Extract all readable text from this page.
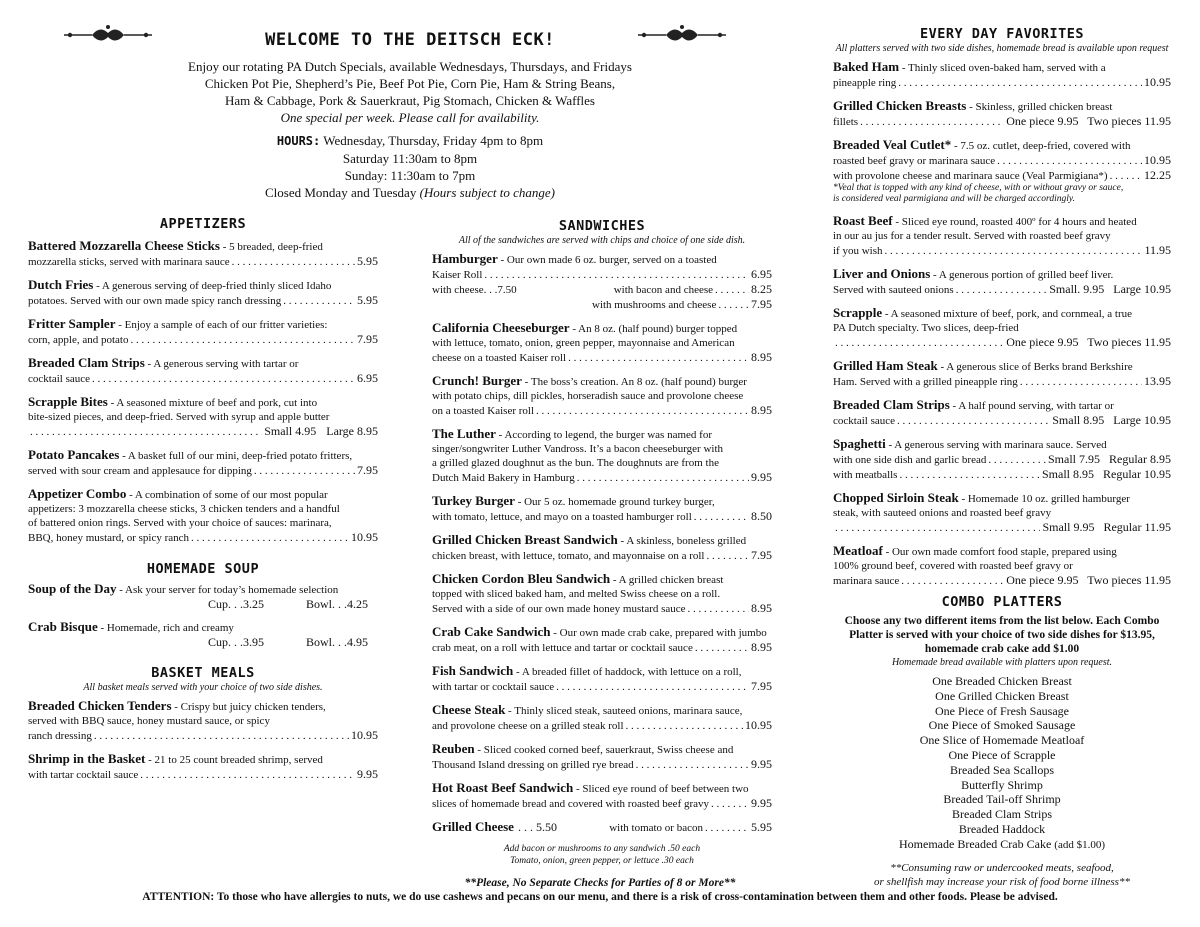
WELCOME TO THE DEITSCH ECK!
Enjoy our rotating PA Dutch Specials, available Wednesdays, Thursdays, and Fridays
Chicken Pot Pie, Shepherd’s Pie, Beef Pot Pie, Corn Pie, Ham & String Beans,
Ham & Cabbage, Pork & Sauerkraut, Pig Stomach, Chicken & Waffles
One special per week. Please call for availability.
HOURS: Wednesday, Thursday, Friday 4pm to 8pm
Saturday 11:30am to 8pm
Sunday: 11:30am to 7pm
Closed Monday and Tuesday (Hours subject to change)
APPETIZERS
Battered Mozzarella Cheese Sticks - 5 breaded, deep-fried
mozzarella sticks, served with marinara sauce . . .	5.95
Dutch Fries - A generous serving of deep-fried thinly sliced Idaho
potatoes. Served with our own made spicy ranch dressing . . .	5.95
Fritter Sampler - Enjoy a sample of each of our fritter varieties:
corn, apple, and potato . . .	7.95
Breaded Clam Strips - A generous serving with tartar or
cocktail sauce . . .	6.95
Scrapple Bites - A seasoned mixture of beef and pork, cut into
bite-sized pieces, and deep-fried. Served with syrup and apple butter
. . .
Small 4.95 Large 8.95
Potato Pancakes - A basket full of our mini, deep-fried potato fritters,
served with sour cream and applesauce for dipping . . .	7.95
Appetizer Combo - A combination of some of our most popular
appetizers: 3 mozzarella cheese sticks, 3 chicken tenders and a handful
of battered onion rings. Served with your choice of sauces: marinara,
BBQ, honey mustard, or spicy ranch . . .	10.95
HOMEMADE SOUP
Soup of the Day - Ask your server for today’s homemade selection
Cup. . .3.25	Bowl. . .4.25
Crab Bisque - Homemade, rich and creamy
Cup. . .3.95	Bowl. . .4.95
BASKET MEALS
All basket meals served with your choice of two side dishes.
Breaded Chicken Tenders - Crispy but juicy chicken tenders,
served with BBQ sauce, honey mustard sauce, or spicy
ranch dressing . . .	10.95
Shrimp in the Basket - 21 to 25 count breaded shrimp, served
with tartar cocktail sauce . . .	9.95
SANDWICHES
All of the sandwiches are served with chips and choice of one side dish.
Hamburger - Our own made 6 oz. burger, served on a toasted
Kaiser Roll . . .	6.95
with cheese. . .7.50	with bacon and cheese . . .	8.25
with mushrooms and cheese . . .	7.95
California Cheeseburger - An 8 oz. (half pound) burger topped
with lettuce, tomato, onion, green pepper, mayonnaise and American
cheese on a toasted Kaiser roll . . .	8.95
Crunch! Burger - The boss’s creation. An 8 oz. (half pound) burger
with potato chips, dill pickles, horseradish sauce and provolone cheese
on a toasted Kaiser roll . . .	8.95
The Luther - According to legend, the burger was named for
singer/songwriter Luther Vandross. It’s a bacon cheeseburger with
a grilled glazed doughnut as the bun. The doughnuts are from the
Dutch Maid Bakery in Hamburg . . .	9.95
Turkey Burger - Our 5 oz. homemade ground turkey burger,
with tomato, lettuce, and mayo on a toasted hamburger roll . . .	8.50
Grilled Chicken Breast Sandwich - A skinless, boneless grilled
chicken breast, with lettuce, tomato, and mayonnaise on a roll . . .	7.95
Chicken Cordon Bleu Sandwich - A grilled chicken breast
topped with sliced baked ham, and melted Swiss cheese on a roll.
Served with a side of our own made honey mustard sauce . . .	8.95
Crab Cake Sandwich - Our own made crab cake, prepared with jumbo
crab meat, on a roll with lettuce and tartar or cocktail sauce . . .	8.95
Fish Sandwich - A breaded fillet of haddock, with lettuce on a roll,
with tartar or cocktail sauce . . .	7.95
Cheese Steak - Thinly sliced steak, sauteed onions, marinara sauce,
and provolone cheese on a grilled steak roll . . .	10.95
Reuben - Sliced cooked corned beef, sauerkraut, Swiss cheese and
Thousand Island dressing on grilled rye bread . . .	9.95
Hot Roast Beef Sandwich - Sliced eye round of beef between two
slices of homemade bread and covered with roasted beef gravy . . .	9.95
Grilled Cheese . . . 5.50	with tomato or bacon . . .	5.95
Add bacon or mushrooms to any sandwich .50 each
Tomato, onion, green pepper, or lettuce .30 each
EVERY DAY FAVORITES
All platters served with two side dishes, homemade bread is available upon request
Baked Ham - Thinly sliced oven-baked ham, served with a
pineapple ring . . .	10.95
Grilled Chicken Breasts - Skinless, grilled chicken breast
fillets . . .	One piece 9.95   Two pieces 11.95
Breaded Veal Cutlet* - 7.5 oz. cutlet, deep-fried, covered with
roasted beef gravy or marinara sauce . . .	10.95
with provolone cheese and marinara sauce (Veal Parmigiana*) . . .	12.25
*Veal that is topped with any kind of cheese, with or without gravy or sauce,
is considered veal parmigiana and will be charged accordingly.
Roast Beef - Sliced eye round, roasted 400º for 4 hours and heated
in our au jus for a tender result. Served with roasted beef gravy
if you wish . . .	11.95
Liver and Onions - A generous portion of grilled beef liver.
Served with sauteed onions . . .	Small. 9.95   Large 10.95
Scrapple - A seasoned mixture of beef, pork, and cornmeal, a true
PA Dutch specialty. Two slices, deep-fried
. . .
One piece 9.95   Two pieces 11.95
Grilled Ham Steak - A generous slice of Berks brand Berkshire
Ham. Served with a grilled pineapple ring . . .	13.95
Breaded Clam Strips - A half pound serving, with tartar or
cocktail sauce . . .	Small 8.95   Large 10.95
Spaghetti - A generous serving with marinara sauce. Served
with one side dish and garlic bread . . .	Small 7.95   Regular 8.95
with meatballs . . .	Small 8.95   Regular 10.95
Chopped Sirloin Steak - Homemade 10 oz. grilled hamburger
steak, with sauteed onions and roasted beef gravy
. . .
Small 9.95   Regular 11.95
Meatloaf - Our own made comfort food staple, prepared using
100% ground beef, covered with roasted beef gravy or
marinara sauce . . .	One piece 9.95   Two pieces 11.95
COMBO PLATTERS
Choose any two different items from the list below. Each Combo
Platter is served with your choice of two side dishes for $13.95,
homemade crab cake add $1.00
Homemade bread available with platters upon request.
One Breaded Chicken Breast
One Grilled Chicken Breast
One Piece of Fresh Sausage
One Piece of Smoked Sausage
One Slice of Homemade Meatloaf
One Piece of Scrapple
Breaded Sea Scallops
Butterfly Shrimp
Breaded Tail-off Shrimp
Breaded Clam Strips
Breaded Haddock
Homemade Breaded Crab Cake (add $1.00)
**Consuming raw or undercooked meats, seafood,
or shellfish may increase your risk of food borne illness**
**Please, No Separate Checks for Parties of 8 or More**
ATTENTION: To those who have allergies to nuts, we do use cashews and pecans on our menu, and there is a risk of cross-contamination between them and other foods. Please be advised.
